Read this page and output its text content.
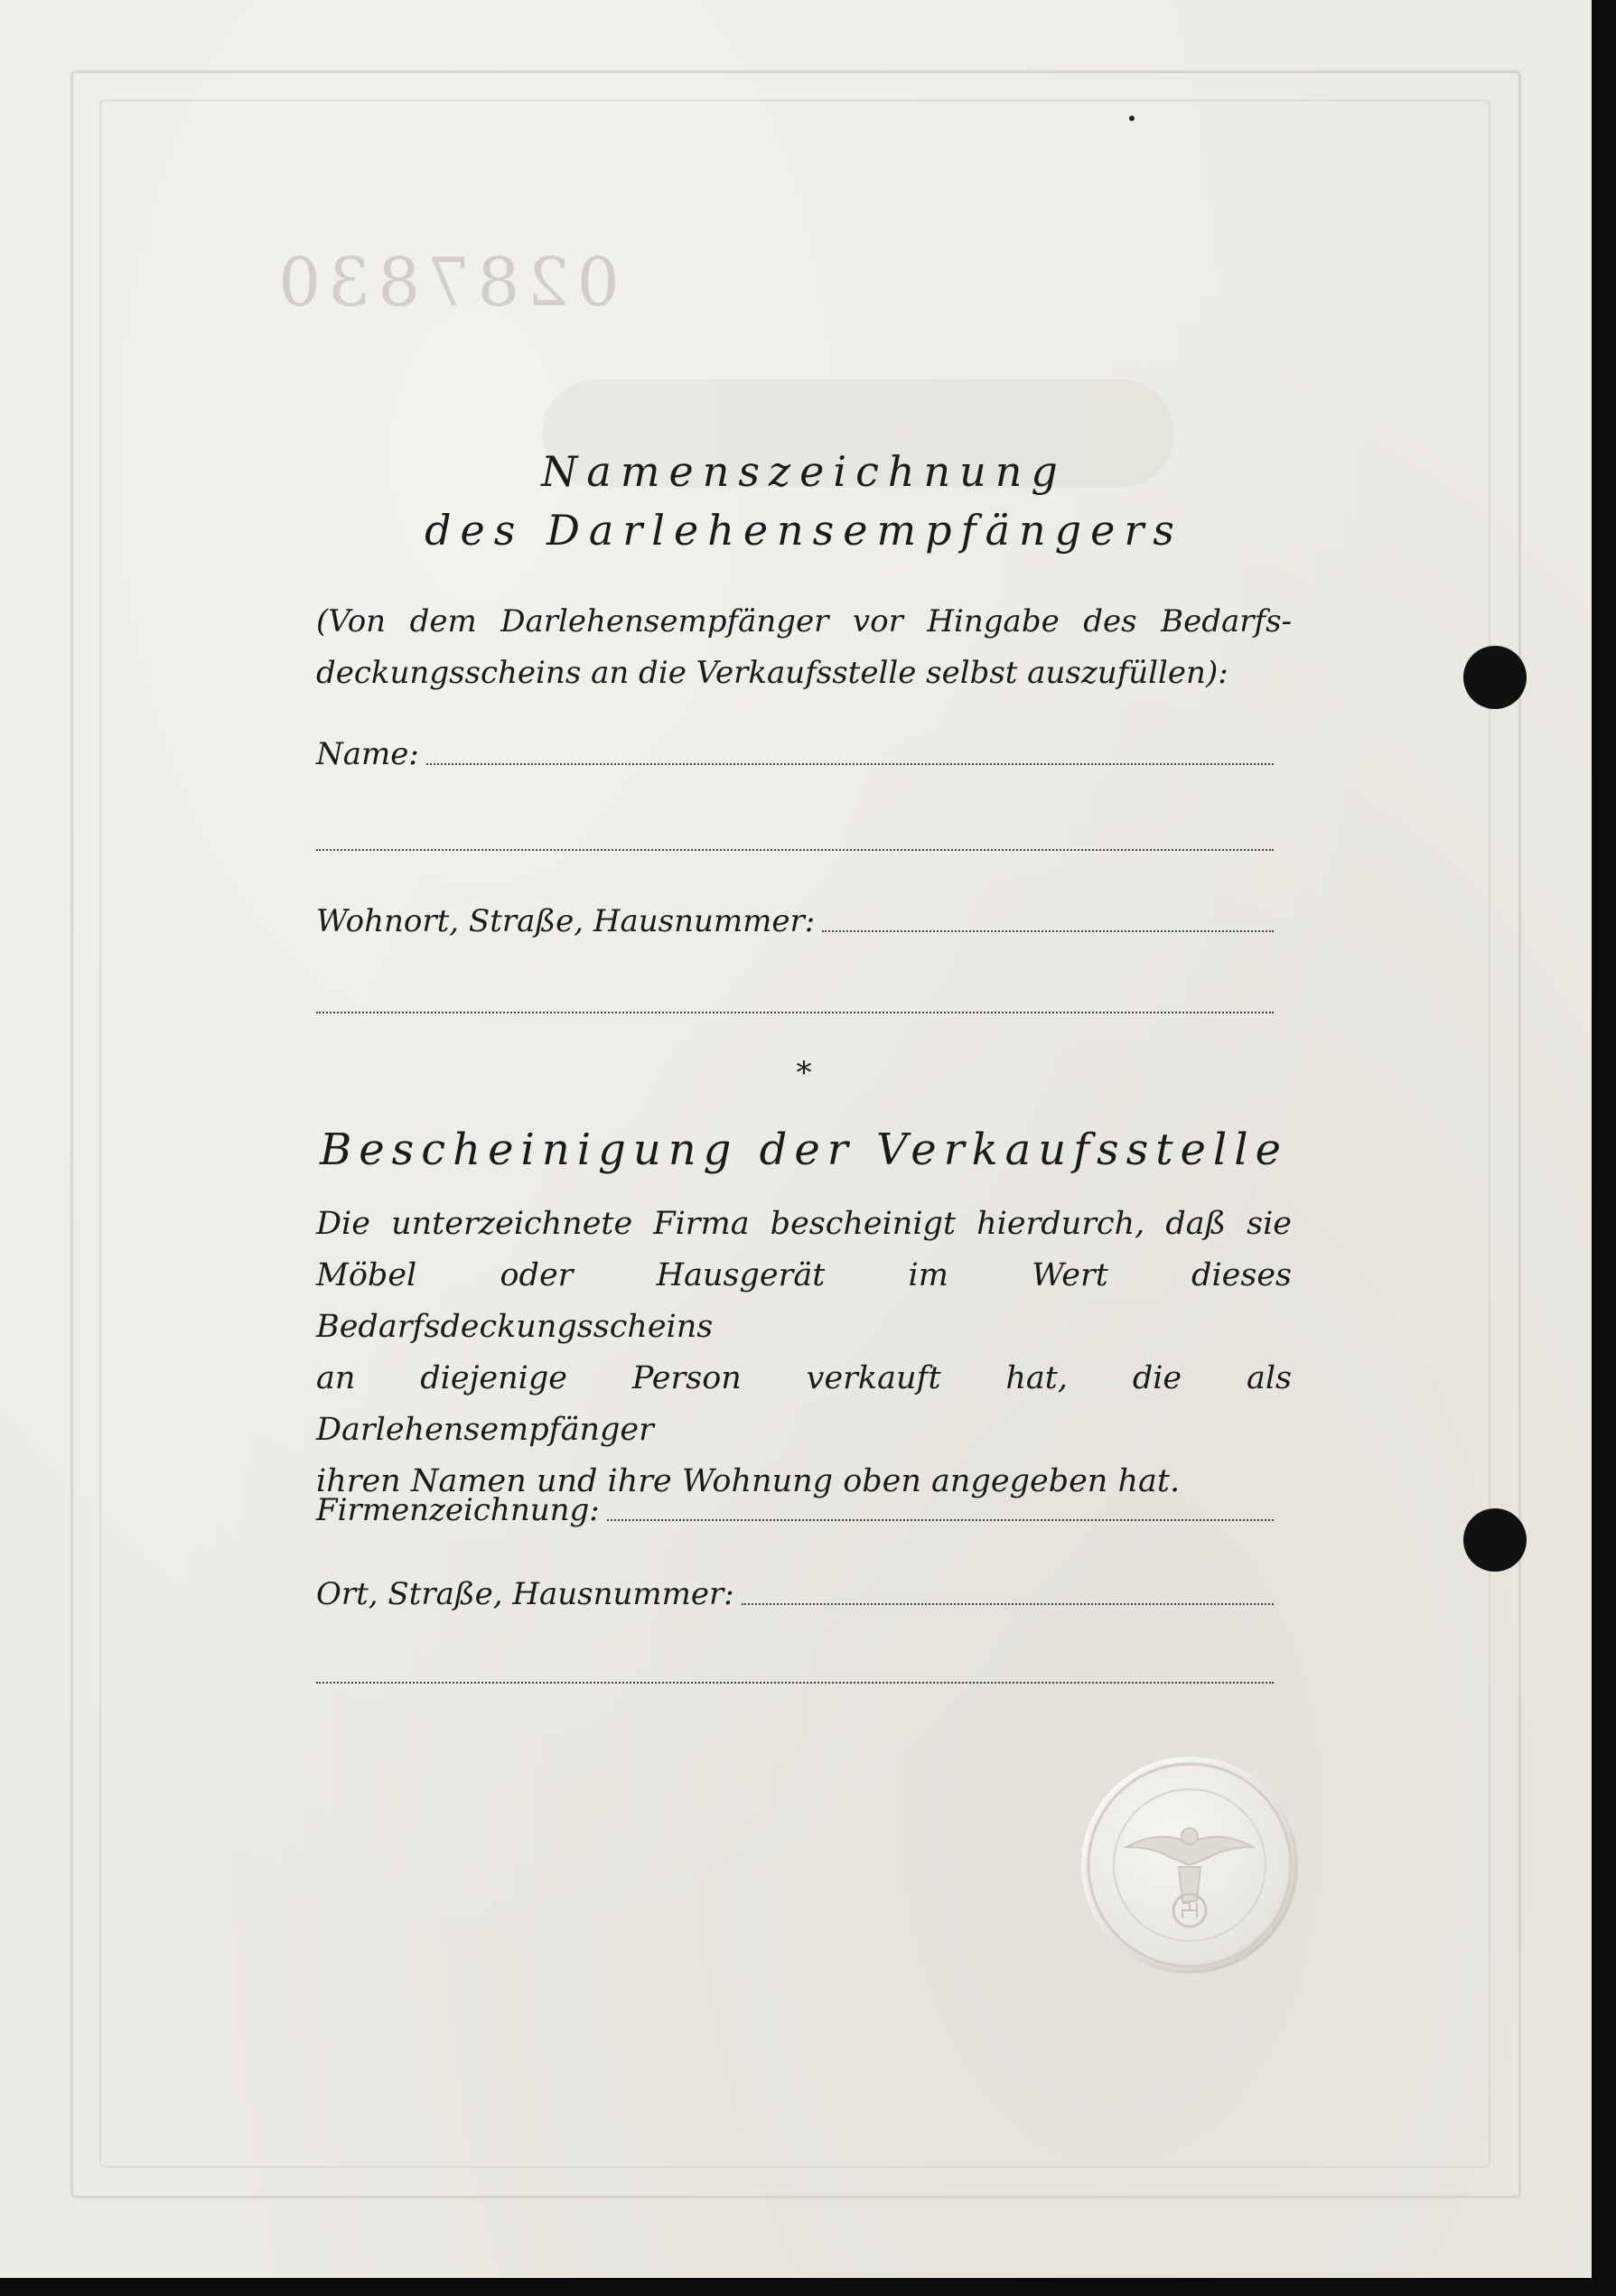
0287830
Namenszeichnung
des Darlehensempfängers
(Von dem Darlehensempfänger vor Hingabe des Bedarfs-
deckungsscheins an die Verkaufsstelle selbst auszufüllen):
Name:
Wohnort, Straße, Hausnummer:
*
Bescheinigung der Verkaufsstelle
Die unterzeichnete Firma bescheinigt hierdurch, daß sie
Möbel oder Hausgerät im Wert dieses Bedarfsdeckungsscheins
an diejenige Person verkauft hat, die als Darlehensempfänger
ihren Namen und ihre Wohnung oben angegeben hat.
Firmenzeichnung:
Ort, Straße, Hausnummer:
